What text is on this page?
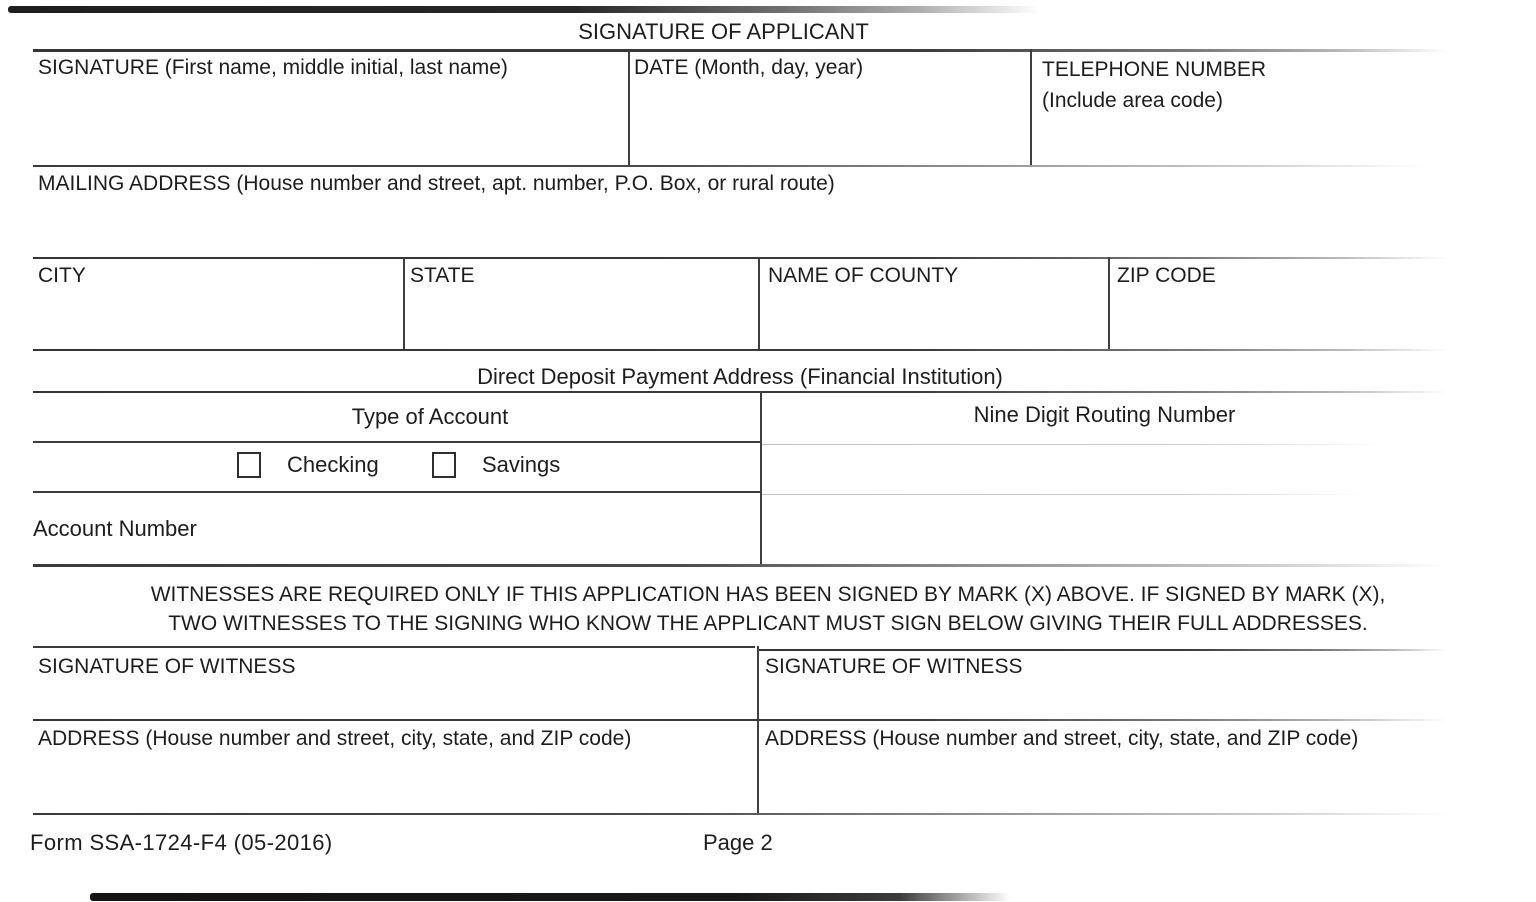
SIGNATURE OF APPLICANT
SIGNATURE (First name, middle initial, last name)	DATE (Month, day, year)	TELEPHONE NUMBER
(Include area code)
MAILING ADDRESS (House number and street, apt. number, P.O. Box, or rural route)
CITY	STATE	NAME OF COUNTY	ZIP CODE
Direct Deposit Payment Address (Financial Institution)
Type of Account	Nine Digit Routing Number
Checking	Savings
Account Number
WITNESSES ARE REQUIRED ONLY IF THIS APPLICATION HAS BEEN SIGNED BY MARK (X) ABOVE. IF SIGNED BY MARK (X),
TWO WITNESSES TO THE SIGNING WHO KNOW THE APPLICANT MUST SIGN BELOW GIVING THEIR FULL ADDRESSES.
SIGNATURE OF WITNESS	SIGNATURE OF WITNESS
ADDRESS (House number and street, city, state, and ZIP code)	ADDRESS (House number and street, city, state, and ZIP code)
Form SSA-1724-F4 (05-2016)	Page 2
